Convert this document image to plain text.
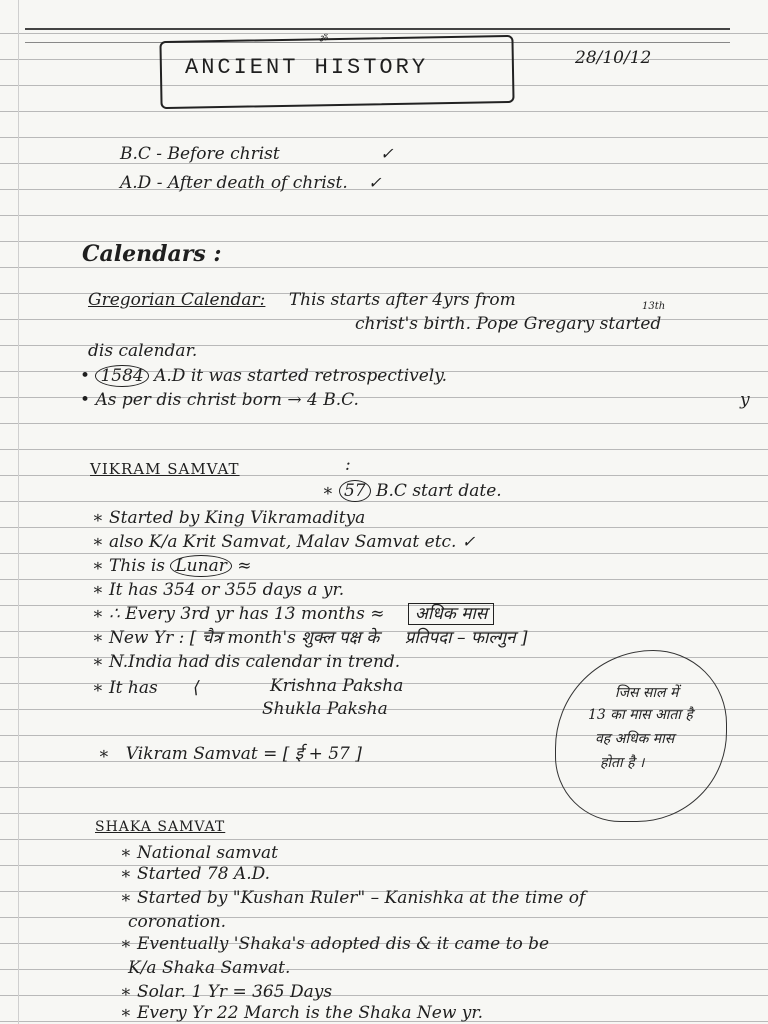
ॐ
ANCIENT HISTORY	28/10/12
B.C - Before christ	✓
A.D - After death of christ. ✓
Calendars :
Gregorian Calendar: This starts after 4yrs from
christ's birth. Pope Gregary started
13th
dis calendar.
• 1584 A.D it was started retrospectively.
• As per dis christ born → 4 B.C.	y
VIKRAM SAMVAT	:
∗ 57 B.C start date.
∗ Started by King Vikramaditya
∗ also K/a Krit Samvat, Malav Samvat etc. ✓
∗ This is Lunar ≈
∗ It has 354 or 355 days a yr.
∗ ∴ Every 3rd yr has 13 months ≈ अधिक मास
∗ New Yr : [ चैत्र month's शुक्ल पक्ष के प्रतिपदा – फाल्गुन ]
∗ N.India had dis calendar in trend.
∗ It has ⟨	Krishna Paksha
Shukla Paksha
∗   Vikram Samvat = [ ई + 57 ]
जिस साल में
13 का मास आता है
वह अधिक मास
होता है ।
SHAKA SAMVAT
∗ National samvat
∗ Started 78 A.D.
∗ Started by "Kushan Ruler" – Kanishka at the time of
coronation.
∗ Eventually 'Shaka's adopted dis & it came to be
K/a Shaka Samvat.
∗ Solar. 1 Yr = 365 Days
∗ Every Yr 22 March is the Shaka New yr.
